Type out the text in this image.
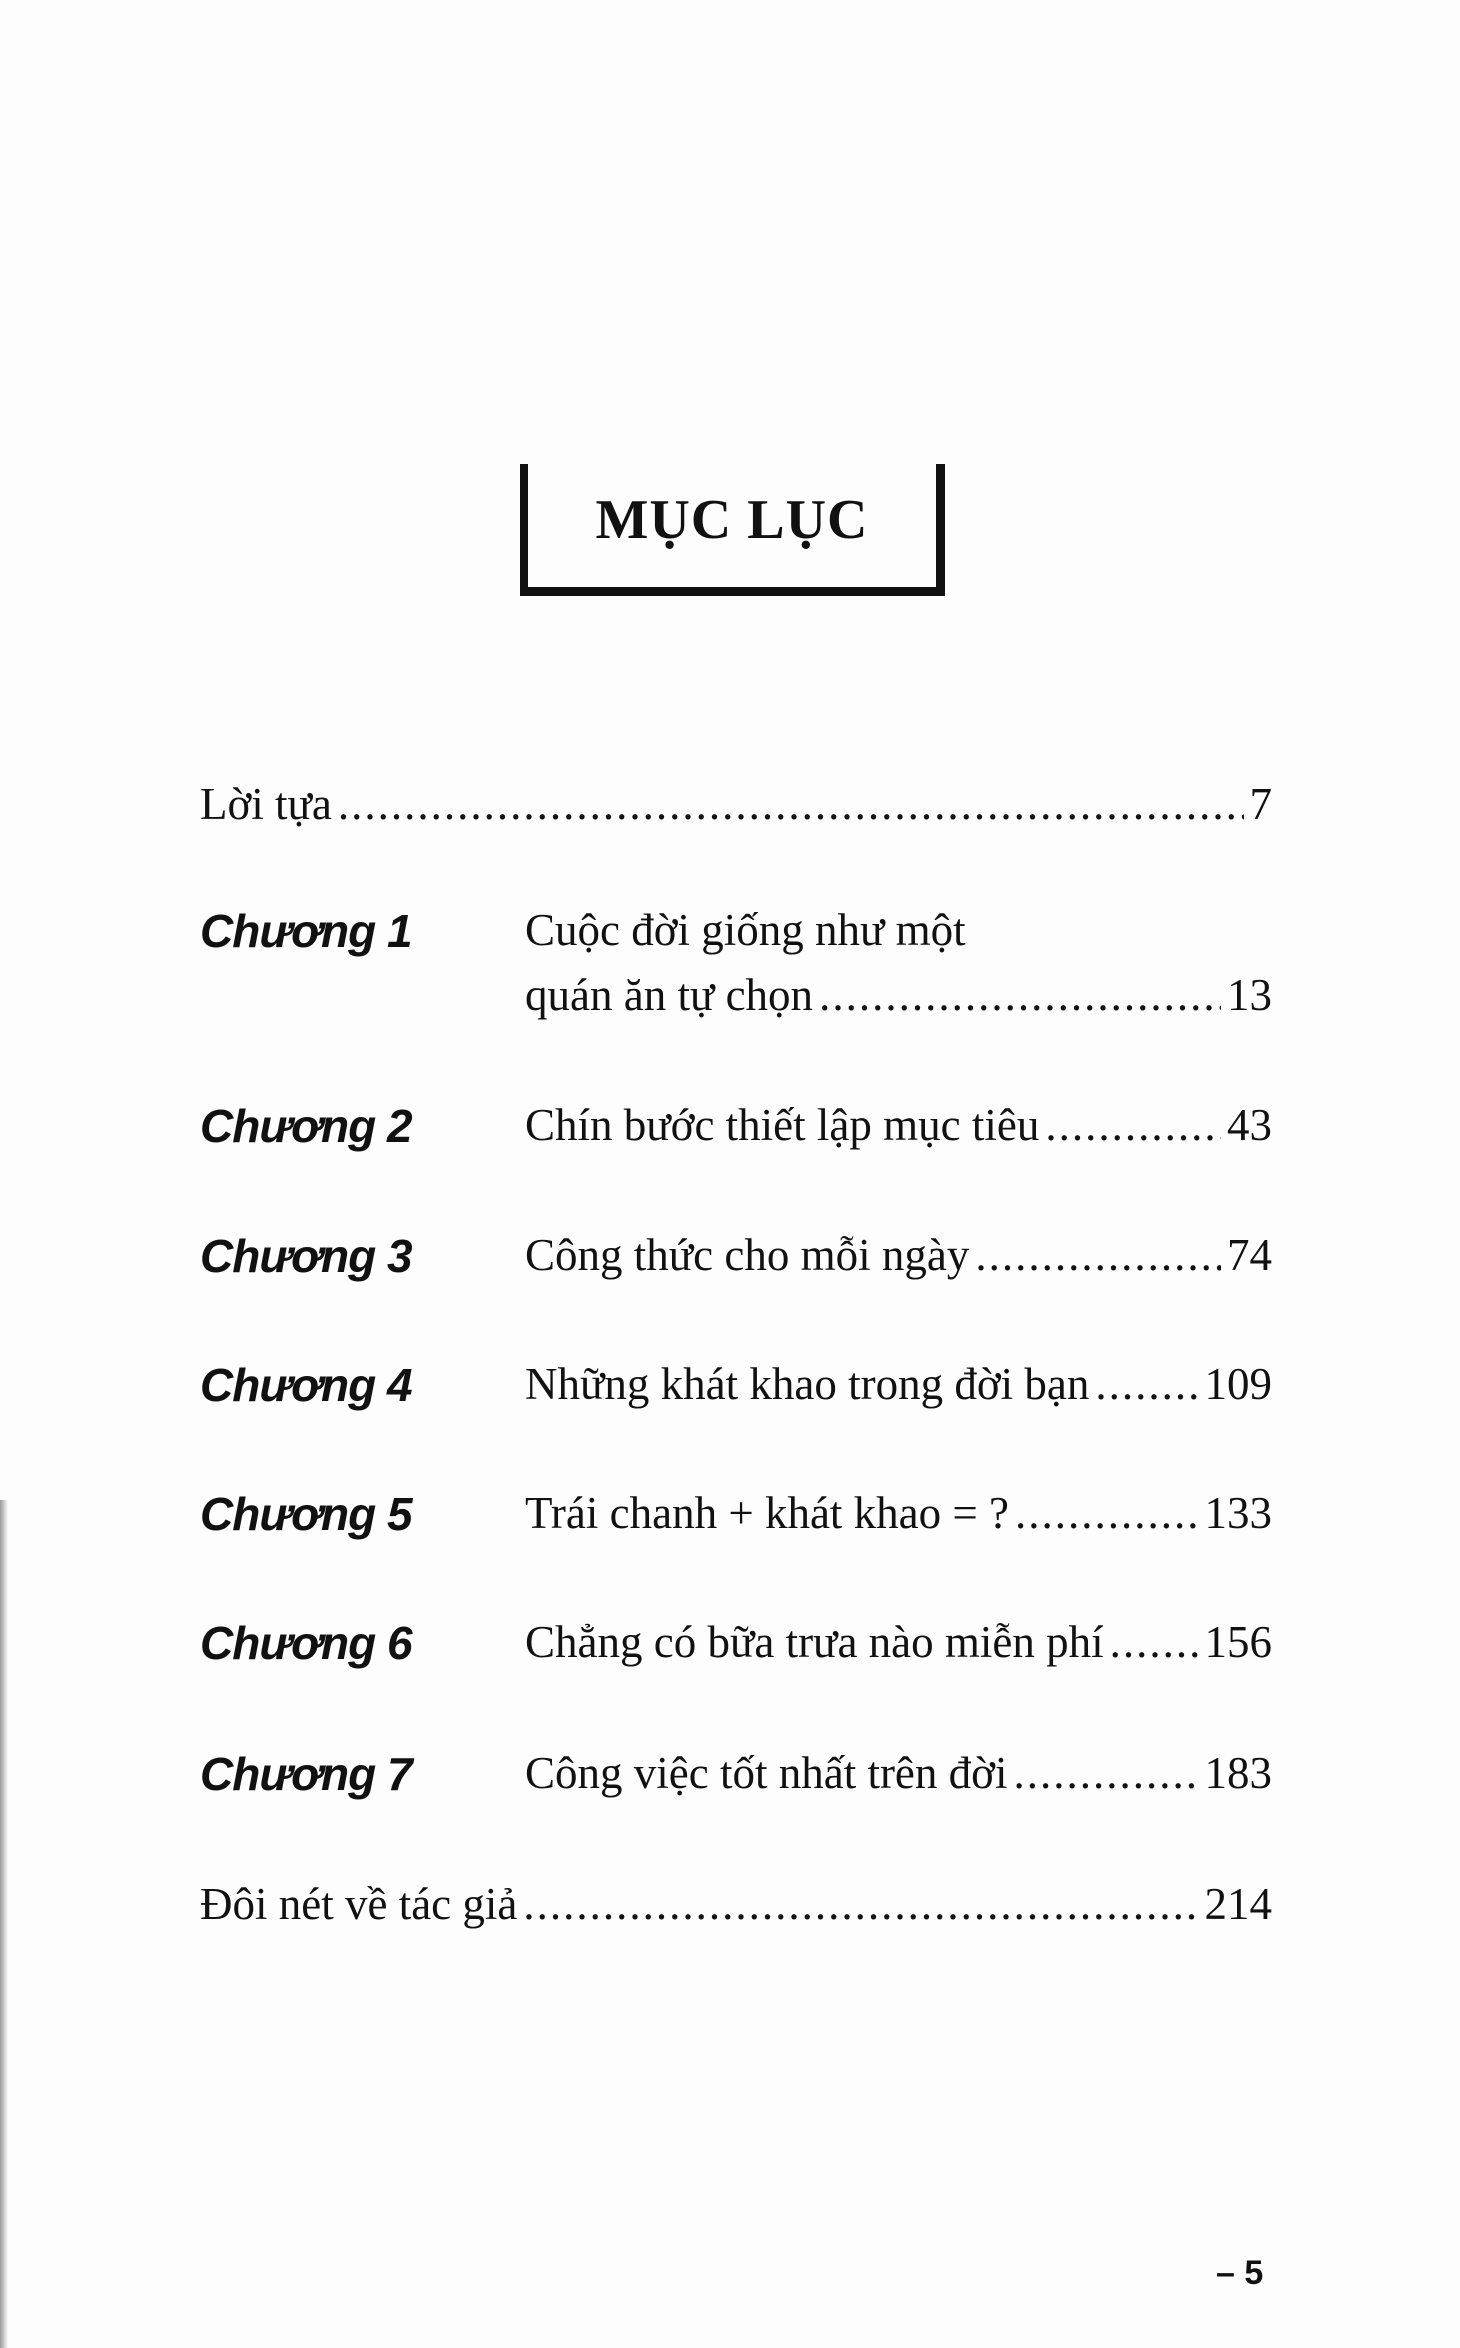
MỤC LỤC
Lời tựa .....	7
Chương 1	Cuộc đời giống như một
quán ăn tự chọn .....	13
Chương 2	Chín bước thiết lập mục tiêu .....	43
Chương 3	Công thức cho mỗi ngày .....	74
Chương 4	Những khát khao trong đời bạn .....	109
Chương 5	Trái chanh + khát khao = ? .....	133
Chương 6	Chẳng có bữa trưa nào miễn phí ..... 156
Chương 7	Công việc tốt nhất trên đời .....	183
Đôi nét về tác giả .....	214
– 5
